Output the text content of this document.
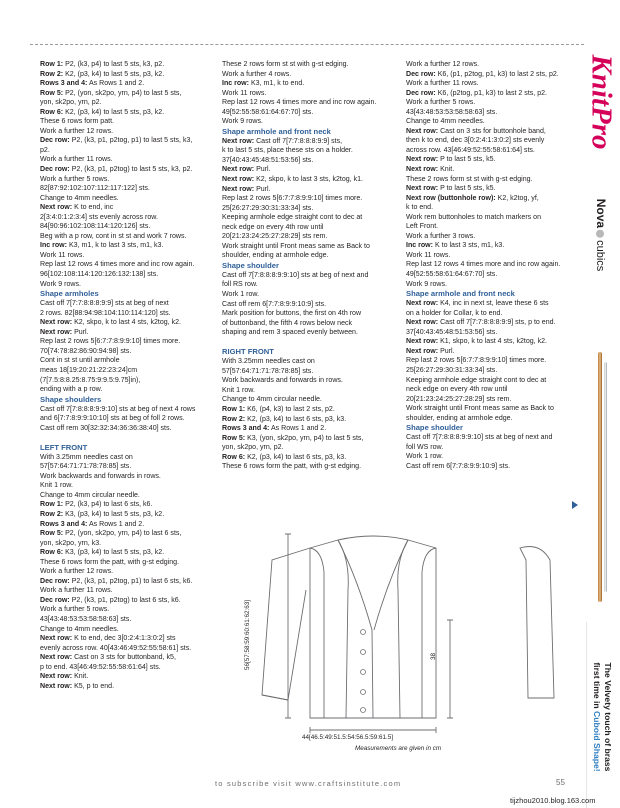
Row 1: P2, (k3, p4) to last 5 sts, k3, p2.

Row 2: K2, (p3, k4) to last 5 sts, p3, k2.

Rows 3 and 4: As Rows 1 and 2.

Row 5: P2, (yon, sk2po, yrn, p4) to last 5 sts,

yon, sk2po, yrn, p2.

Row 6: K2, (p3, k4) to last 5 sts, p3, k2.

These 6 rows form patt.

Work a further 12 rows.

Dec row: P2, (k3, p1, p2tog, p1) to last 5 sts, k3,

p2.

Work a further 11 rows.

Dec row: P2, (k3, p1, p2tog) to last 5 sts, k3, p2.

Work a further 5 rows.

82[87:92:102:107:112:117:122] sts.

Change to 4mm needles.

Next row: K to end, inc

2[3:4:0:1:2:3:4] sts evenly across row.

84[90:96:102:108:114:120:126] sts.

Beg with a p row, cont in st st and work 7 rows.

Inc row: K3, m1, k to last 3 sts, m1, k3.

Work 11 rows.

Rep last 12 rows 4 times more and inc row again.

96[102:108:114:120:126:132:138] sts.

Work 9 rows.

Shape armholes

Cast off 7[7:7:8:8:8:9:9] sts at beg of next

2 rows. 82[88:94:98:104:110:114:120] sts.

Next row: K2, skpo, k to last 4 sts, k2tog, k2.

Next row: Purl.

Rep last 2 rows 5[6:7:7:8:9:9:10] times more.

70[74:78:82:86:90:94:98] sts.

Cont in st st until armhole

meas 18[19:20:21:22:23:24]cm

(7[7.5:8:8.25:8.75:9:9.5:9.75]in),

ending with a p row.

Shape shoulders

Cast off 7[7:8:8:8:9:9:10] sts at beg of next 4 rows

and 6[7:7:8:9:9:10:10] sts at beg of foll 2 rows.

Cast off rem 30[32:32:34:36:36:38:40] sts.

LEFT FRONT

With 3.25mm needles cast on

57[57:64:71:71:78:78:85] sts.

Work backwards and forwards in rows.

Knit 1 row.

Change to 4mm circular needle.

Row 1: P2, (k3, p4) to last 6 sts, k6.

Row 2: K3, (p3, k4) to last 5 sts, p3, k2.

Rows 3 and 4: As Rows 1 and 2.

Row 5: P2, (yon, sk2po, yrn, p4) to last 6 sts,

yon, sk2po, yrn, k3.

Row 6: K3, (p3, k4) to last 5 sts, p3, k2.

These 6 rows form the patt, with g-st edging.

Work a further 12 rows.

Dec row: P2, (k3, p1, p2tog, p1) to last 6 sts, k6.

Work a further 11 rows.

Dec row: P2, (k3, p1, p2tog) to last 6 sts, k6.

Work a further 5 rows.

43[43:48:53:53:58:58:63] sts.

Change to 4mm needles.

Next row: K to end, dec 3[0:2:4:1:3:0:2] sts

evenly across row. 40[43:46:49:52:55:58:61] sts.

Next row: Cast on 3 sts for buttonband, k5,

p to end. 43[46:49:52:55:58:61:64] sts.

Next row: Knit.

Next row: K5, p to end.

These 2 rows form st st with g-st edging.

Work a further 4 rows.

Inc row: K3, m1, k to end.

Work 11 rows.

Rep last 12 rows 4 times more and inc row again.

49[52:55:58:61:64:67:70] sts.

Work 9 rows.

Shape armhole and front neck

Next row: Cast off 7[7:7:8:8:8:9:9] sts,

k to last 5 sts, place these sts on a holder.

37[40:43:45:48:51:53:56] sts.

Next row: Purl.

Next row: K2, skpo, k to last 3 sts, k2tog, k1.

Next row: Purl.

Rep last 2 rows 5[6:7:7:8:9:9:10] times more.

25[26:27:29:30:31:33:34] sts.

Keeping armhole edge straight cont to dec at

neck edge on every 4th row until

20[21:23:24:25:27:28:29] sts rem.

Work straight until Front meas same as Back to

shoulder, ending at armhole edge.

Shape shoulder

Cast off 7[7:8:8:8:9:9:10] sts at beg of next and

foll RS row.

Work 1 row.

Cast off rem 6[7:7:8:9:9:10:9] sts.

Mark position for buttons, the first on 4th row

of buttonband, the fifth 4 rows below neck

shaping and rem 3 spaced evenly between.

RIGHT FRONT

With 3.25mm needles cast on

57[57:64:71:71:78:78:85] sts.

Work backwards and forwards in rows.

Knit 1 row.

Change to 4mm circular needle.

Row 1: K6, (p4, k3) to last 2 sts, p2.

Row 2: K2, (p3, k4) to last 6 sts, p3, k3.

Rows 3 and 4: As Rows 1 and 2.

Row 5: K3, (yon, sk2po, yrn, p4) to last 5 sts,

yon, sk2po, yrn, p2.

Row 6: K2, (p3, k4) to last 6 sts, p3, k3.

These 6 rows form the patt, with g-st edging.

Work a further 12 rows.

Dec row: K6, (p1, p2tog, p1, k3) to last 2 sts, p2.

Work a further 11 rows.

Dec row: K6, (p2tog, p1, k3) to last 2 sts, p2.

Work a further 5 rows.

43[43:48:53:53:58:58:63] sts.

Change to 4mm needles.

Next row: Cast on 3 sts for buttonhole band,

then k to end, dec 3[0:2:4:1:3:0:2] sts evenly

across row. 43[46:49:52:55:58:61:64] sts.

Next row: P to last 5 sts, k5.

Next row: Knit.

These 2 rows form st st with g-st edging.

Next row: P to last 5 sts, k5.

Next row (buttonhole row): K2, k2tog, yf,

k to end.

Work rem buttonholes to match markers on

Left Front.

Work a further 3 rows.

Inc row: K to last 3 sts, m1, k3.

Work 11 rows.

Rep last 12 rows 4 times more and inc row again.

49[52:55:58:61:64:67:70] sts.

Work 9 rows.

Shape armhole and front neck

Next row: K4, inc in next st, leave these 6 sts

on a holder for Collar, k to end.

Next row: Cast off 7[7:7:8:8:8:9:9] sts, p to end.

37[40:43:45:48:51:53:56] sts.

Next row: K1, skpo, k to last 4 sts, k2tog, k2.

Next row: Purl.

Rep last 2 rows 5[6:7:7:8:9:9:10] times more.

25[26:27:29:30:31:33:34] sts.

Keeping armhole edge straight cont to dec at

neck edge on every 4th row until

20[21:23:24:25:27:28:29] sts rem.

Work straight until Front meas same as Back to

shoulder, ending at armhole edge.

Shape shoulder

Cast off 7[7:8:8:8:9:9:10] sts at beg of next and

foll WS row.

Work 1 row.

Cast off rem 6[7:7:8:9:9:10:9] sts.

KnitPro
Novacubics
The Velvety touch of brass
first time in Cuboid Shape!
56[57:58:59:60:61:62:63]	38
44[46.5:49:51.5:54:56.5:59:61.5]
Measurements are given in cm
to subscribe visit www.craftsinstitute.com	55
tijzhou2010.blog.163.com
